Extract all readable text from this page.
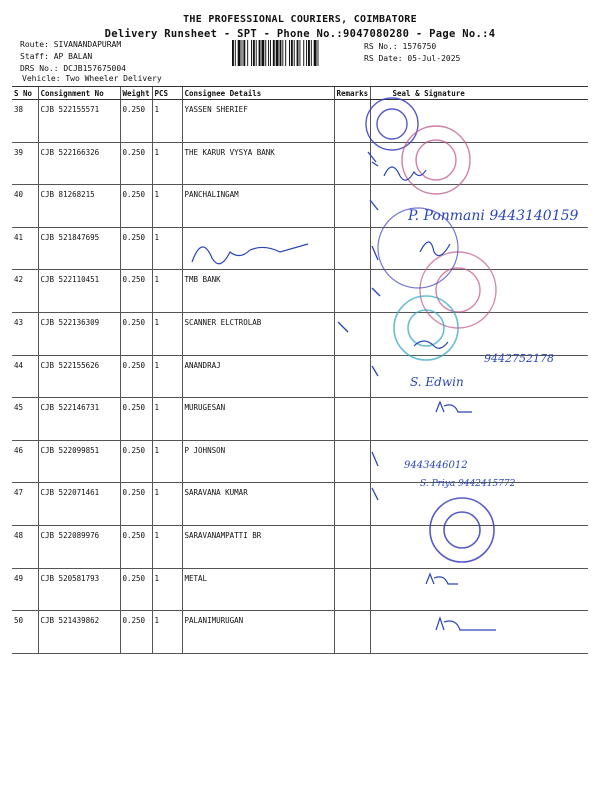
THE PROFESSIONAL COURIERS, COIMBATORE
Delivery Runsheet - SPT - Phone No.:9047080280 - Page No.:4
Route: SIVANANDAPURAM
Staff: AP BALAN
DRS No.: DCJB157675004
Vehicle: Two Wheeler Delivery
RS No.: 1576750
RS Date: 05-Jul-2025
S No	Consignment No	Weight	PCS	Consignee Details	Remarks	Seal & Signature
38	CJB 522155571	0.250	1	YASSEN SHERIEF		
39	CJB 522166326	0.250	1	THE KARUR VYSYA BANK		
40	CJB 81268215	0.250	1	PANCHALINGAM		
41	CJB 521847695	0.250	1			
42	CJB 522110451	0.250	1	TMB BANK		
43	CJB 522136309	0.250	1	SCANNER ELCTROLAB		
44	CJB 522155626	0.250	1	ANANDRAJ		
45	CJB 522146731	0.250	1	MURUGESAN		
46	CJB 522099851	0.250	1	P JOHNSON		
47	CJB 522071461	0.250	1	SARAVANA KUMAR		
48	CJB 522089976	0.250	1	SARAVANAMPATTI BR		
49	CJB 520581793	0.250	1	METAL		
50	CJB 521439862	0.250	1	PALANIMURUGAN		
P. Ponmani 9443140159
9442752178
S. Edwin
9443446012
S. Priya 9442415772
